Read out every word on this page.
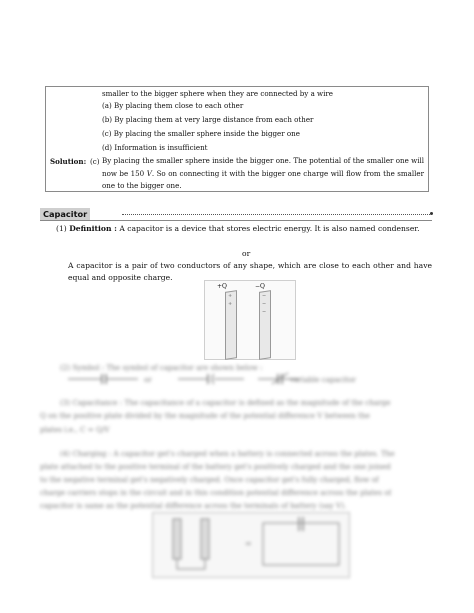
smaller to the bigger sphere when they are connected by a wire
(a) By placing them close to each other
(b) By placing them at very large distance from each other
(c) By placing the smaller sphere inside the bigger one
(d) Information is insufficient
Solution: (c) By placing the smaller sphere inside the bigger one. The potential of the smaller one will now be 150 V. So on connecting it with the bigger one charge will flow from the smaller one to the bigger one.
Capacitor
(1) Definition : A capacitor is a device that stores electric energy. It is also named condenser.
or
A capacitor is a pair of two conductors of any shape, which are close to each other and have equal and opposite charge.
+Q	−Q
+
+
−
−
−
(2) Symbol : The symbol of capacitor are shown below :
or	variable capacitor
(3) Capacitance : The capacitance of a capacitor is defined as the magnitude of the charge
Q on the positive plate divided by the magnitude of the potential difference V between the
plates i.e., C = Q/V
(4) Charging : A capacitor get's charged when a battery is connected across the plates. The
plate attached to the positive terminal of the battery get's positively charged and the one joined
to the negative terminal get's negatively charged. Once capacitor get's fully charged, flow of
charge carriers stops in the circuit and in this condition potential difference across the plates of
capacitor is same as the potential difference across the terminals of battery (say V).
=
